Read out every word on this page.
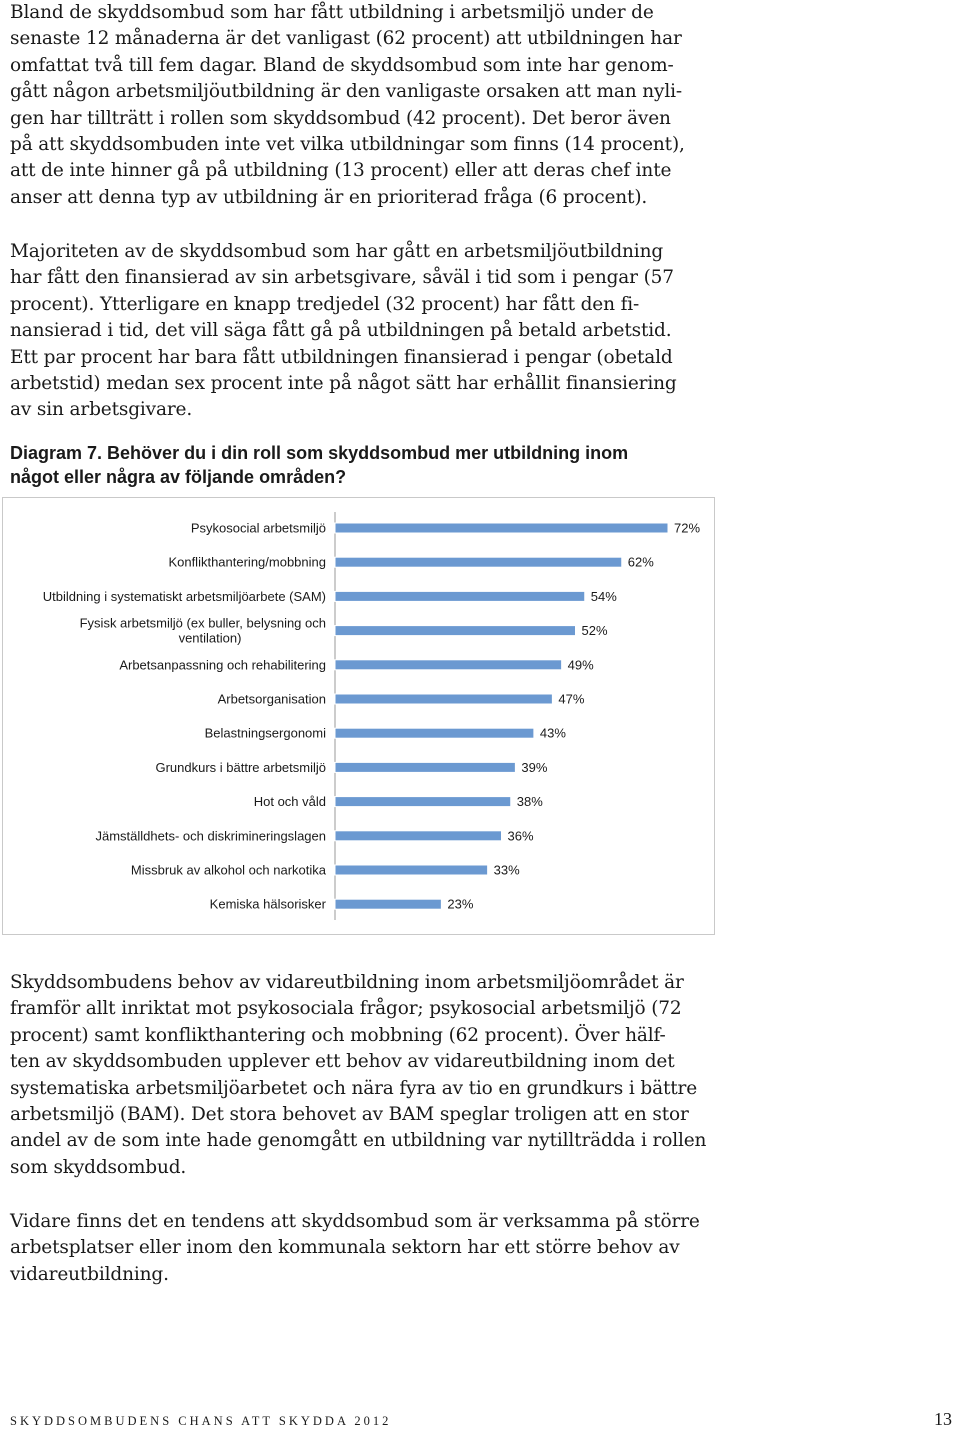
Bland de skyddsombud som har fått utbildning i arbetsmiljö under de
senaste 12 månaderna är det vanligast (62 procent) att utbildningen har
omfattat två till fem dagar. Bland de skyddsombud som inte har genom-
gått någon arbetsmiljöutbildning är den vanligaste orsaken att man nyli-
gen har tillträtt i rollen som skyddsombud (42 procent). Det beror även
på att skyddsombuden inte vet vilka utbildningar som finns (14 procent),
att de inte hinner gå på utbildning (13 procent) eller att deras chef inte
anser att denna typ av utbildning är en prioriterad fråga (6 procent).
Majoriteten av de skyddsombud som har gått en arbetsmiljöutbildning
har fått den finansierad av sin arbetsgivare, såväl i tid som i pengar (57
procent). Ytterligare en knapp tredjedel (32 procent) har fått den fi-
nansierad i tid, det vill säga fått gå på utbildningen på betald arbetstid.
Ett par procent har bara fått utbildningen finansierad i pengar (obetald
arbetstid) medan sex procent inte på något sätt har erhållit finansiering
av sin arbetsgivare.
Diagram 7. Behöver du i din roll som skyddsombud mer utbildning inom
något eller några av följande områden?
72%
Psykosocial arbetsmiljö
62%
Konflikthantering/mobbning
54%
Utbildning i systematiskt arbetsmiljöarbete (SAM)
52%
Fysisk arbetsmiljö (ex buller, belysning och
ventilation)
49%
Arbetsanpassning och rehabilitering
47%
Arbetsorganisation
43%
Belastningsergonomi
39%
Grundkurs i bättre arbetsmiljö
38%
Hot och våld
36%
Jämställdhets- och diskrimineringslagen
33%
Missbruk av alkohol och narkotika
23%
Kemiska hälsorisker
Skyddsombudens behov av vidareutbildning inom arbetsmiljöområdet är
framför allt inriktat mot psykosociala frågor; psykosocial arbetsmiljö (72
procent) samt konflikthantering och mobbning (62 procent). Över hälf-
ten av skyddsombuden upplever ett behov av vidareutbildning inom det
systematiska arbetsmiljöarbetet och nära fyra av tio en grundkurs i bättre
arbetsmiljö (BAM). Det stora behovet av BAM speglar troligen att en stor
andel av de som inte hade genomgått en utbildning var nytillträdda i rollen
som skyddsombud.
Vidare finns det en tendens att skyddsombud som är verksamma på större
arbetsplatser eller inom den kommunala sektorn har ett större behov av
vidareutbildning.
SKYDDSOMBUDENS CHANS ATT SKYDDA 2012	13
